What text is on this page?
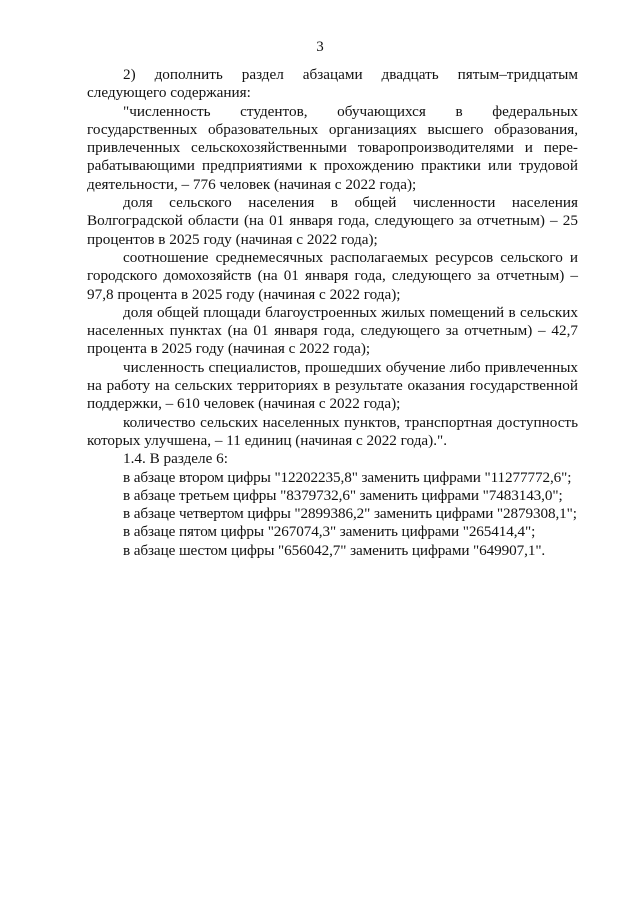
3

2) дополнить раздел абзацами двадцать пятым–тридцатым следующего содержания:

"численность студентов, обучающихся в федеральных государственных образовательных организациях высшего образования, привлеченных сельскохозяйственными товаропроизводителями и пере-рабатывающими предприятиями к прохождению практики или трудовой деятельности, – 776 человек (начиная с 2022 года);

доля сельского населения в общей численности населения Волгоградской области (на 01 января года, следующего за отчетным) – 25 процентов в 2025 году (начиная с 2022 года);

соотношение среднемесячных располагаемых ресурсов сельского и городского домохозяйств (на 01 января года, следующего за отчетным) – 97,8 процента в 2025 году (начиная с 2022 года);

доля общей площади благоустроенных жилых помещений в сельских населенных пунктах (на 01 января года, следующего за отчетным) – 42,7 процента в 2025 году (начиная с 2022 года);

численность специалистов, прошедших обучение либо привлеченных на работу на сельских территориях в результате оказания государственной поддержки, – 610 человек (начиная с 2022 года);

количество сельских населенных пунктов, транспортная доступность которых улучшена, – 11 единиц (начиная с 2022 года).".

1.4. В разделе 6:

в абзаце втором цифры "12202235,8" заменить цифрами "11277772,6";

в абзаце третьем цифры "8379732,6" заменить цифрами "7483143,0";

в абзаце четвертом цифры "2899386,2" заменить цифрами "2879308,1";

в абзаце пятом цифры "267074,3" заменить цифрами "265414,4";

в абзаце шестом цифры "656042,7" заменить цифрами "649907,1".
